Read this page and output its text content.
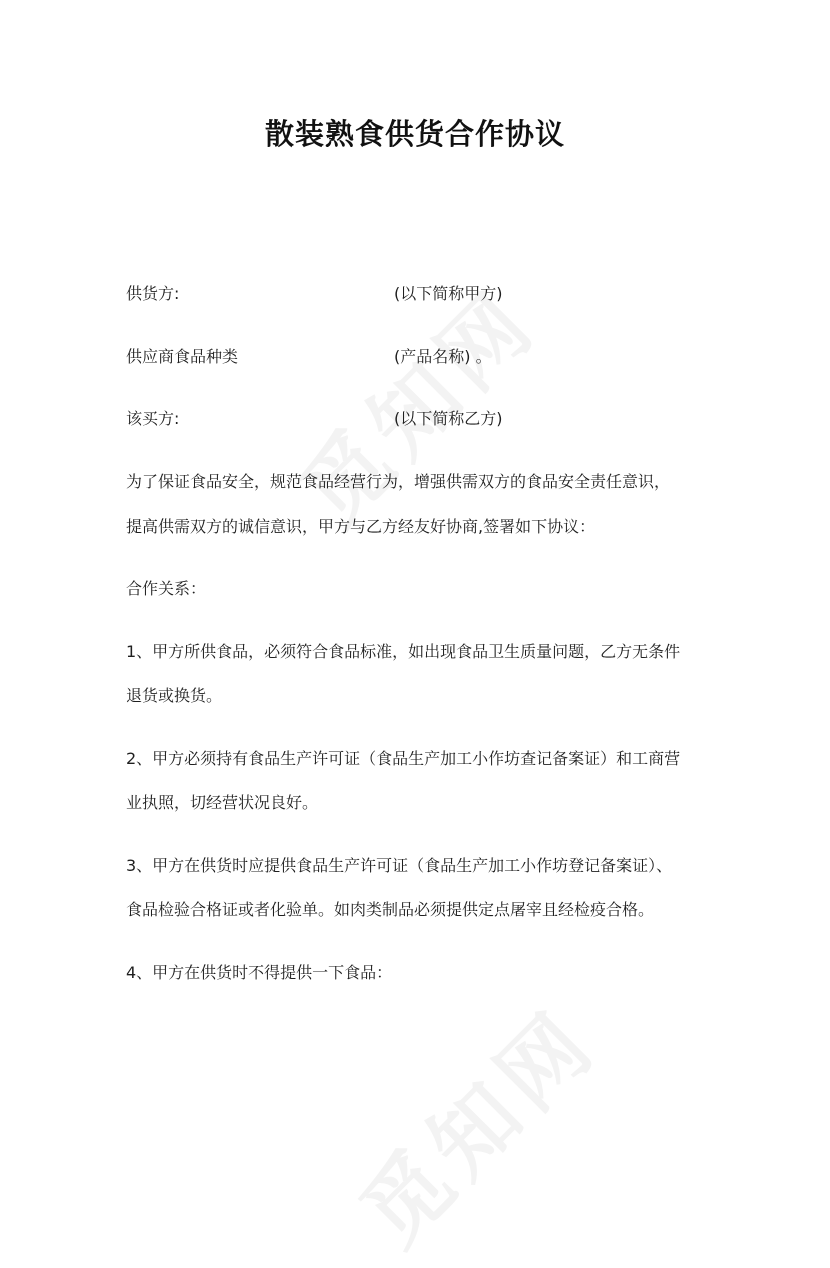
散装熟食供货合作协议
供货方:	(以下简称甲方)
供应商食品种类	(产品名称) 。
该买方:	(以下简称乙方)
为了保证食品安全，规范食品经营行为，增强供需双方的食品安全责任意识，
提高供需双方的诚信意识，甲方与乙方经友好协商,签署如下协议：
合作关系：
1、甲方所供食品，必须符合食品标准，如出现食品卫生质量问题，乙方无条件
退货或换货。
2、甲方必须持有食品生产许可证（食品生产加工小作坊查记备案证）和工商营
业执照，切经营状况良好。
3、甲方在供货时应提供食品生产许可证（食品生产加工小作坊登记备案证）、
食品检验合格证或者化验单。如肉类制品必须提供定点屠宰且经检疫合格。
4、甲方在供货时不得提供一下食品：
